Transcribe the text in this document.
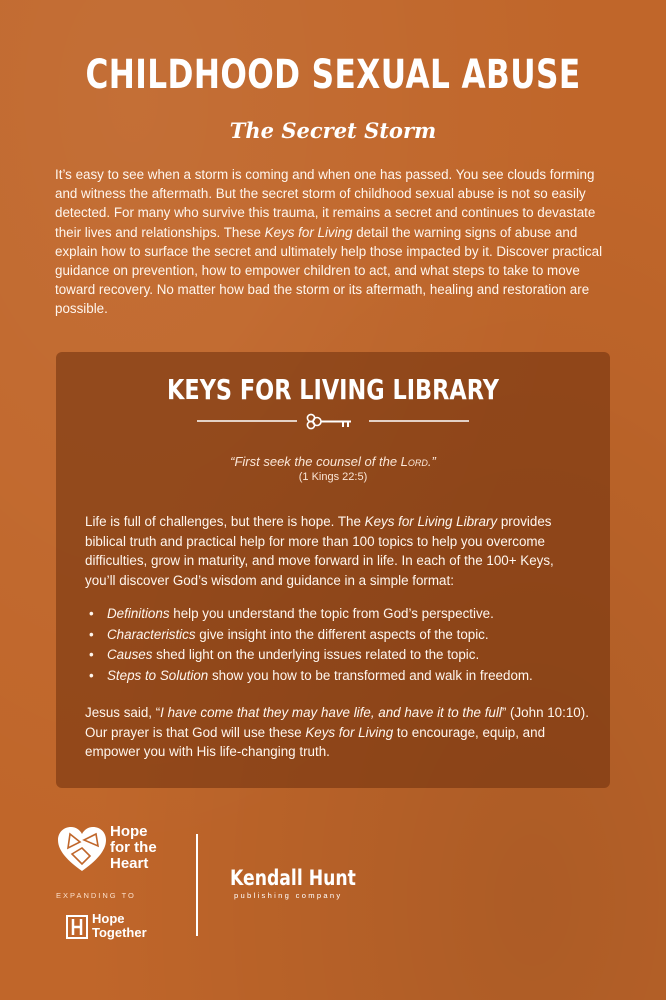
CHILDHOOD SEXUAL ABUSE
The Secret Storm

It’s easy to see when a storm is coming and when one has passed. You see clouds forming and witness the aftermath. But the secret storm of childhood sexual abuse is not so easily detected. For many who survive this trauma, it remains a secret and continues to devastate their lives and relationships. These Keys for Living detail the warning signs of abuse and explain how to surface the secret and ultimately help those impacted by it. Discover practical guidance on prevention, how to empower children to act, and what steps to take to move toward recovery. No matter how bad the storm or its aftermath, healing and restoration are possible.

KEYS FOR LIVING LIBRARY
“First seek the counsel of the Lord.”
(1 Kings 22:5)

Life is full of challenges, but there is hope. The Keys for Living Library provides biblical truth and practical help for more than 100 topics to help you overcome difficulties, grow in maturity, and move forward in life. In each of the 100+ Keys, you’ll discover God’s wisdom and guidance in a simple format:

• Definitions help you understand the topic from God’s perspective.
• Characteristics give insight into the different aspects of the topic.
• Causes shed light on the underlying issues related to the topic.
• Steps to Solution show you how to be transformed and walk in freedom.

Jesus said, “I have come that they may have life, and have it to the full” (John 10:10). Our prayer is that God will use these Keys for Living to encourage, equip, and empower you with His life-changing truth.

Hope
for the
Heart
EXPANDING TO
Hope
Together
Kendall Hunt
publishing company
